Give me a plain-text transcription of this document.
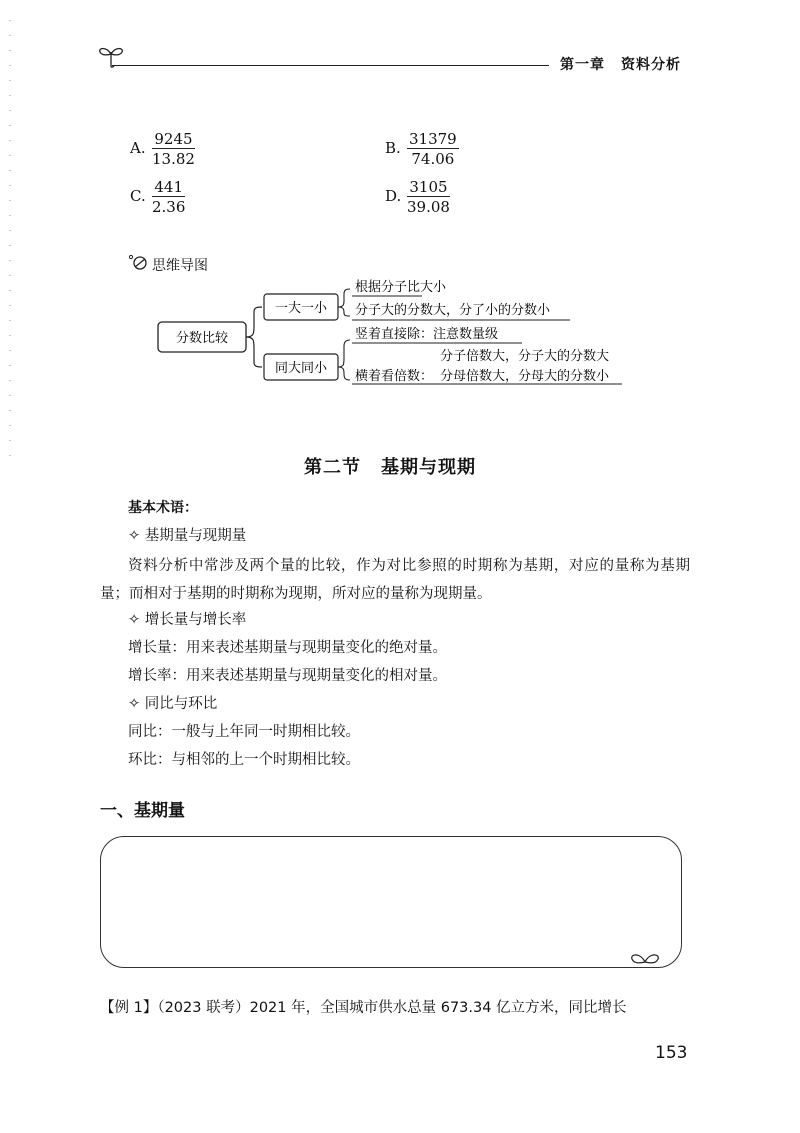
第一章 资料分析
A. $\frac{9245}{13.82}$	B. $\frac{31379}{74.06}$
C. $\frac{441}{2.36}$	D. $\frac{3105}{39.08}$
思维导图
分数比较
一大一小
根据分子比大小
分子大的分数大，分了小的分数小
同大同小
竖着直接除：注意数量级
横着看倍数：
分子倍数大，分子大的分数大
分母倍数大，分母大的分数小
第二节 基期与现期
基本术语：
✧ 基期量与现期量
资料分析中常涉及两个量的比较，作为对比参照的时期称为基期，对应的量称为基期量；而相对于基期的时期称为现期，所对应的量称为现期量。
✧ 增长量与增长率
增长量：用来表述基期量与现期量变化的绝对量。
增长率：用来表述基期量与现期量变化的相对量。
✧ 同比与环比
同比：一般与上年同一时期相比较。
环比：与相邻的上一个时期相比较。
一、基期量
【例 1】（2023 联考）2021 年，全国城市供水总量 673.34 亿立方米，同比增长
153
